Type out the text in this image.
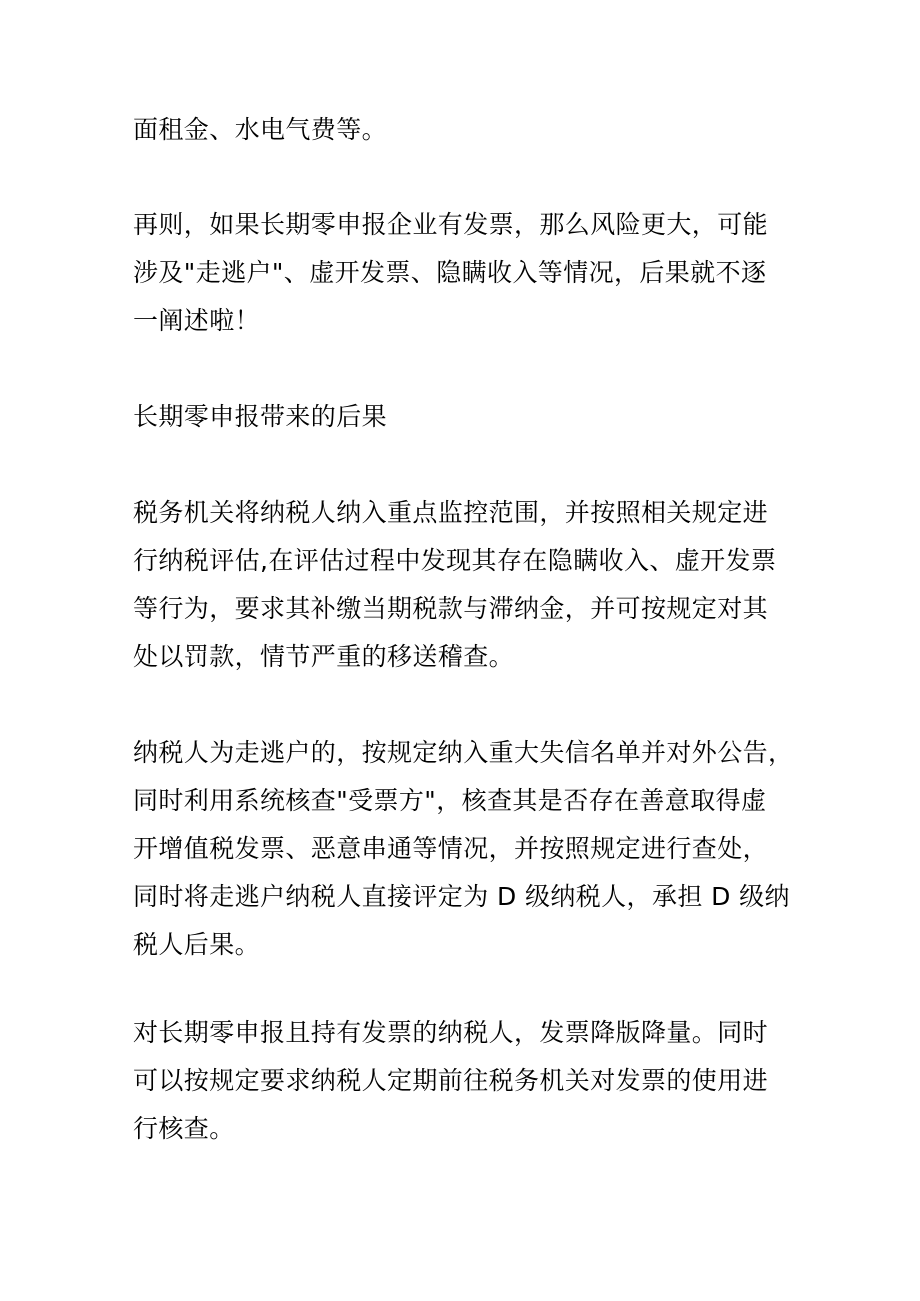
面租金、水电气费等。

再则，如果长期零申报企业有发票，那么风险更大，可能
涉及"走逃户"、虚开发票、隐瞒收入等情况，后果就不逐
一阐述啦！

长期零申报带来的后果

税务机关将纳税人纳入重点监控范围，并按照相关规定进
行纳税评估,在评估过程中发现其存在隐瞒收入、虚开发票
等行为，要求其补缴当期税款与滞纳金，并可按规定对其
处以罚款，情节严重的移送稽查。

纳税人为走逃户的，按规定纳入重大失信名单并对外公告，
同时利用系统核查"受票方"，核查其是否存在善意取得虚
开增值税发票、恶意串通等情况，并按照规定进行查处，
同时将走逃户纳税人直接评定为 D 级纳税人，承担 D 级纳
税人后果。

对长期零申报且持有发票的纳税人，发票降版降量。同时
可以按规定要求纳税人定期前往税务机关对发票的使用进
行核查。
